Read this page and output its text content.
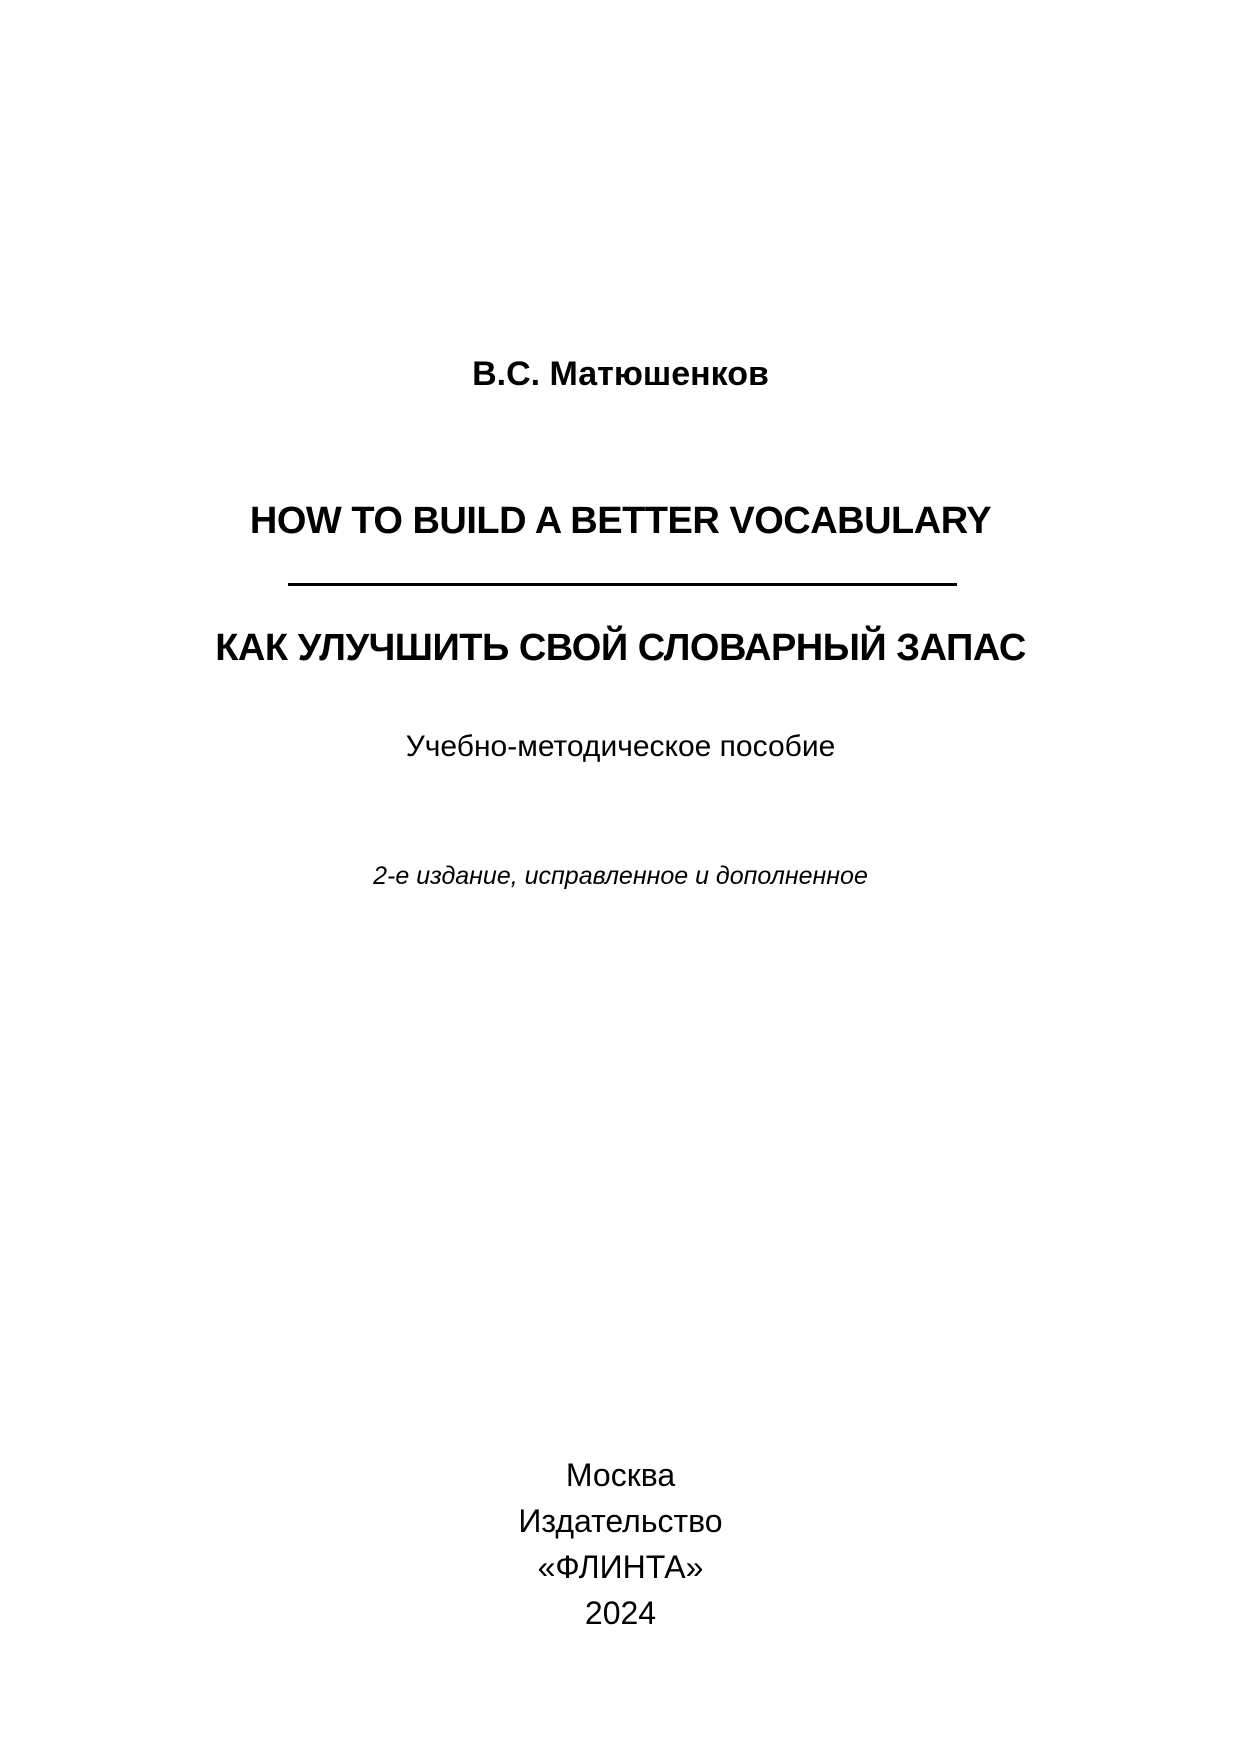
В.С. Матюшенков
HOW TO BUILD A BETTER VOCABULARY
КАК УЛУЧШИТЬ СВОЙ СЛОВАРНЫЙ ЗАПАС
Учебно-методическое пособие
2-е издание, исправленное и дополненное
Москва
Издательство
«ФЛИНТА»
2024
